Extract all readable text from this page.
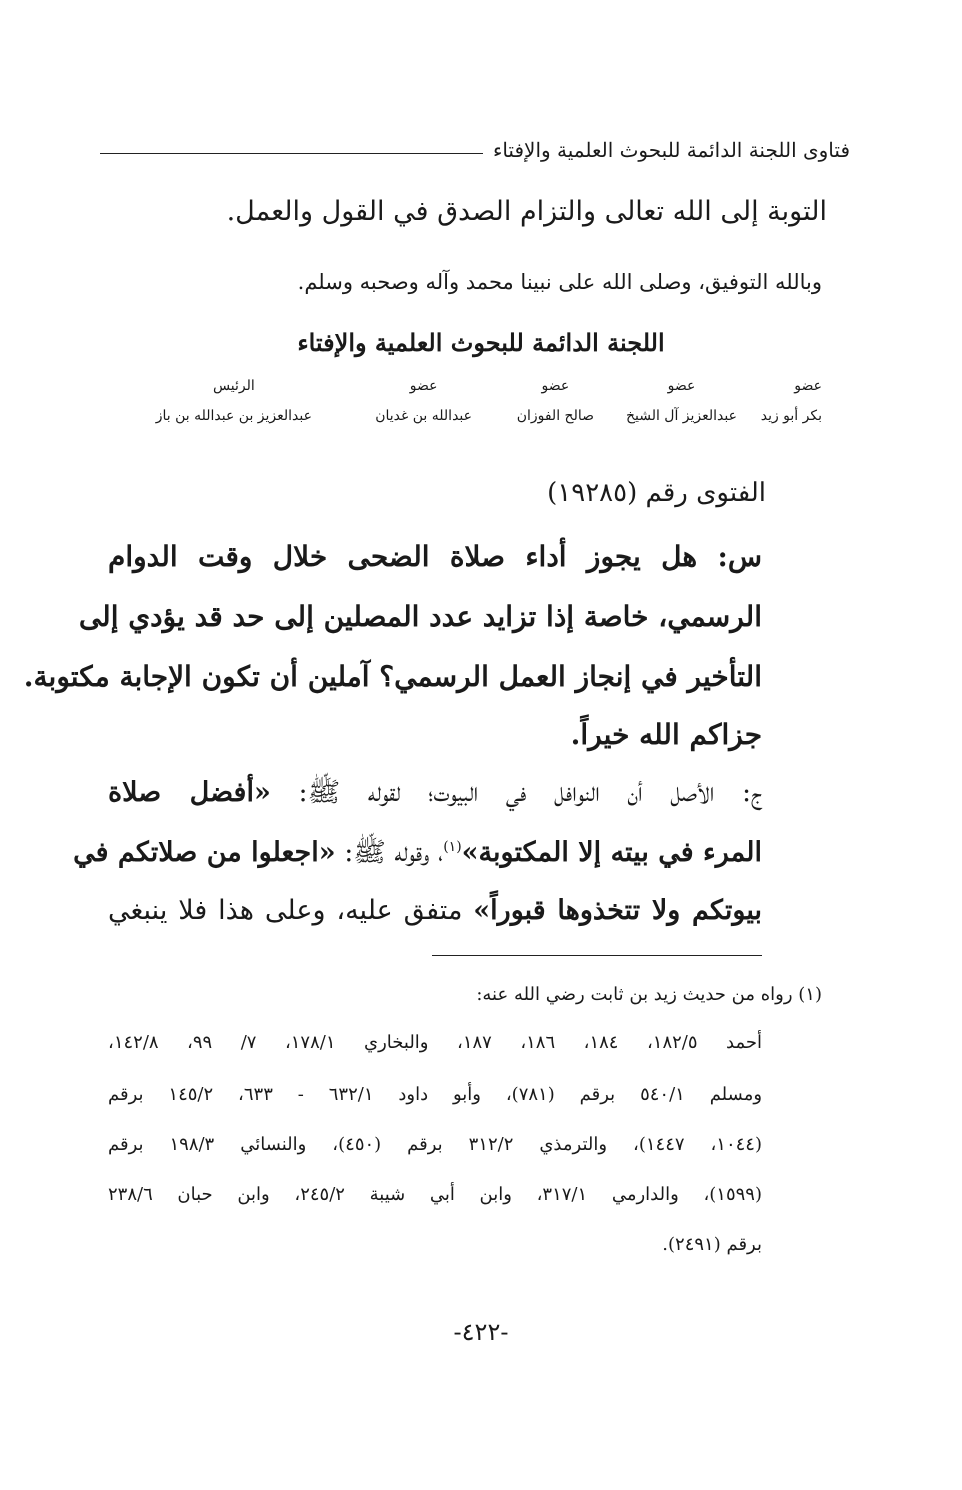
فتاوى اللجنة الدائمة للبحوث العلمية والإفتاء
التوبة إلى الله تعالى والتزام الصدق في القول والعمل.
وبالله التوفيق، وصلى الله على نبينا محمد وآله وصحبه وسلم.
اللجنة الدائمة للبحوث العلمية والإفتاء
عضو
بكر أبو زيد
عضو
عبدالعزيز آل الشيخ
عضو
صالح الفوزان
عضو
عبدالله بن غديان
الرئيس
عبدالعزيز بن عبدالله بن باز
الفتوى رقم (١٩٢٨٥)
س: هل يجوز أداء صلاة الضحى خلال وقت الدوام
الرسمي، خاصة إذا تزايد عدد المصلين إلى حد قد يؤدي إلى
التأخير في إنجاز العمل الرسمي؟ آملين أن تكون الإجابة مكتوبة.
جزاكم الله خيراً.
ج: الأصل أن النوافل في البيوت؛ لقوله ﷺ: «أفضل صلاة
المرء في بيته إلا المكتوبة»$^{(١)}$، وقوله ﷺ: «اجعلوا من صلاتكم في
بيوتكم ولا تتخذوها قبوراً» متفق عليه، وعلى هذا فلا ينبغي
(١) رواه من حديث زيد بن ثابت رضي الله عنه:
أحمد ١٨٢/٥، ١٨٤، ١٨٦، ١٨٧، والبخاري ١٧٨/١، ٧/ ٩٩، ١٤٢/٨،
ومسلم ٥٤٠/١ برقم (٧٨١)، وأبو داود ٦٣٢/١ - ٦٣٣، ١٤٥/٢ برقم
(١٠٤٤، ١٤٤٧)، والترمذي ٣١٢/٢ برقم (٤٥٠)، والنسائي ١٩٨/٣ برقم
(١٥٩٩)، والدارمي ٣١٧/١، وابن أبي شيبة ٢٤٥/٢، وابن حبان ٢٣٨/٦
برقم (٢٤٩١).
-٤٢٢-
